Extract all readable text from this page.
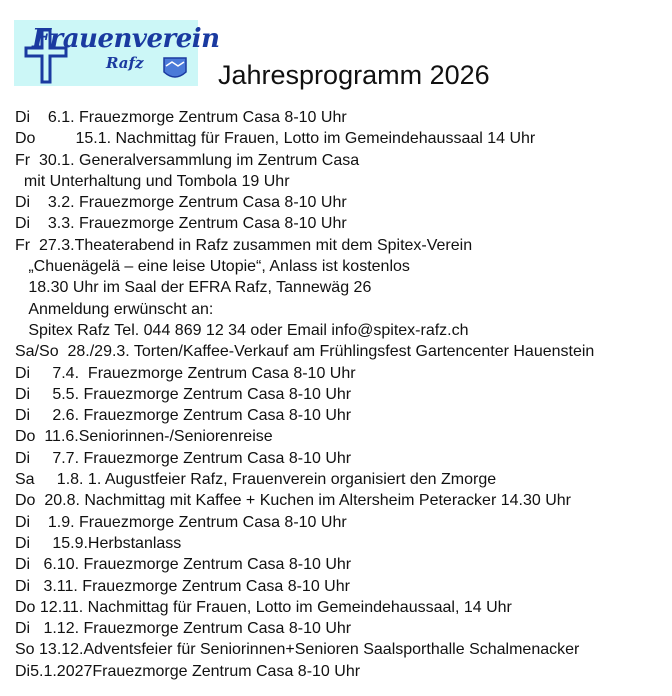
Frauenverein
Rafz	Jahresprogramm 2026
Di    6.1. Frauezmorge Zentrum Casa 8-10 Uhr
Do         15.1. Nachmittag für Frauen, Lotto im Gemeindehaussaal 14 Uhr
Fr  30.1. Generalversammlung im Zentrum Casa
mit Unterhaltung und Tombola 19 Uhr
Di    3.2. Frauezmorge Zentrum Casa 8-10 Uhr
Di    3.3. Frauezmorge Zentrum Casa 8-10 Uhr
Fr  27.3.Theaterabend in Rafz zusammen mit dem Spitex-Verein
„Chuenägelä – eine leise Utopie“, Anlass ist kostenlos
18.30 Uhr im Saal der EFRA Rafz, Tannewäg 26
Anmeldung erwünscht an:
Spitex Rafz Tel. 044 869 12 34 oder Email info@spitex-rafz.ch
Sa/So  28./29.3. Torten/Kaffee-Verkauf am Frühlingsfest Gartencenter Hauenstein
Di     7.4.  Frauezmorge Zentrum Casa 8-10 Uhr
Di     5.5. Frauezmorge Zentrum Casa 8-10 Uhr
Di     2.6. Frauezmorge Zentrum Casa 8-10 Uhr
Do  11.6.Seniorinnen-/Seniorenreise
Di     7.7. Frauezmorge Zentrum Casa 8-10 Uhr
Sa     1.8. 1. Augustfeier Rafz, Frauenverein organisiert den Zmorge
Do  20.8. Nachmittag mit Kaffee + Kuchen im Altersheim Peteracker 14.30 Uhr
Di    1.9. Frauezmorge Zentrum Casa 8-10 Uhr
Di     15.9.Herbstanlass
Di   6.10. Frauezmorge Zentrum Casa 8-10 Uhr
Di   3.11. Frauezmorge Zentrum Casa 8-10 Uhr
Do 12.11. Nachmittag für Frauen, Lotto im Gemeindehaussaal, 14 Uhr
Di   1.12. Frauezmorge Zentrum Casa 8-10 Uhr
So 13.12.Adventsfeier für Seniorinnen+Senioren Saalsporthalle Schalmenacker
Di5.1.2027Frauezmorge Zentrum Casa 8-10 Uhr
